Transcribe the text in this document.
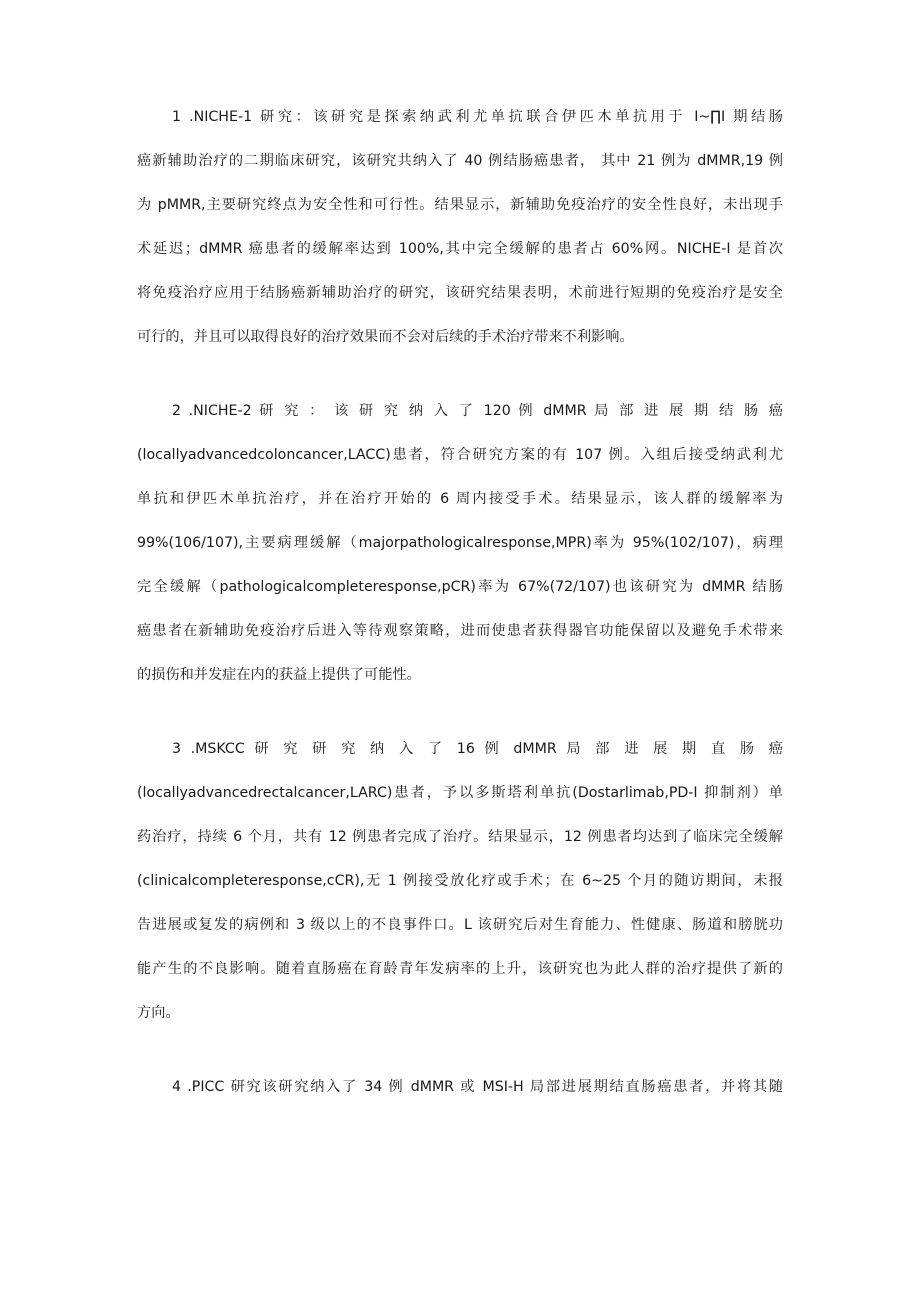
1 .NICHE-1 研究：该研究是探索纳武利尤单抗联合伊匹木单抗用于 I~∏I 期结肠

癌新辅助治疗的二期临床研究，该研究共纳入了 40 例结肠癌患者， 其中 21 例为 dMMR,19 例

为 pMMR,主要研究终点为安全性和可行性。结果显示，新辅助免疫治疗的安全性良好，未出现手

术延迟；dMMR 癌患者的缓解率达到 100%,其中完全缓解的患者占 60%网。NICHE-I 是首次

将免疫治疗应用于结肠癌新辅助治疗的研究，该研究结果表明，术前进行短期的免疫治疗是安全

可行的，并且可以取得良好的治疗效果而不会对后续的手术治疗带来不利影响。

2 .NICHE-2 研 究 ： 该 研 究 纳 入 了 120 例 dMMR 局 部 进 展 期 结 肠 癌

(locallyadvancedcoloncancer,LACC)患者，符合研究方案的有 107 例。入组后接受纳武利尤

单抗和伊匹木单抗治疗，并在治疗开始的 6 周内接受手术。结果显示，该人群的缓解率为

99%(106/107),主要病理缓解（majorpathologicalresponse,MPR)率为 95%(102/107)，病理

完全缓解（pathologicalcompleteresponse,pCR)率为 67%(72/107)也该研究为 dMMR 结肠

癌患者在新辅助免疫治疗后进入等待观察策略，进而使患者获得器官功能保留以及避免手术带来

的损伤和并发症在内的获益上提供了可能性。

3 .MSKCC 研 究 研 究 纳 入 了 16 例 dMMR 局 部 进 展 期 直 肠 癌

(locallyadvancedrectalcancer,LARC)患者，予以多斯塔利单抗(Dostarlimab,PD-I 抑制剂）单

药治疗，持续 6 个月，共有 12 例患者完成了治疗。结果显示，12 例患者均达到了临床完全缓解

(clinicalcompleteresponse,cCR),无 1 例接受放化疗或手术；在 6~25 个月的随访期间，未报

告进展或复发的病例和 3 级以上的不良事件口。L 该研究后对生育能力、性健康、肠道和膀胱功

能产生的不良影响。随着直肠癌在育龄青年发病率的上升，该研究也为此人群的治疗提供了新的

方向。

4 .PICC 研究该研究纳入了 34 例 dMMR 或 MSI-H 局部进展期结直肠癌患者，并将其随
